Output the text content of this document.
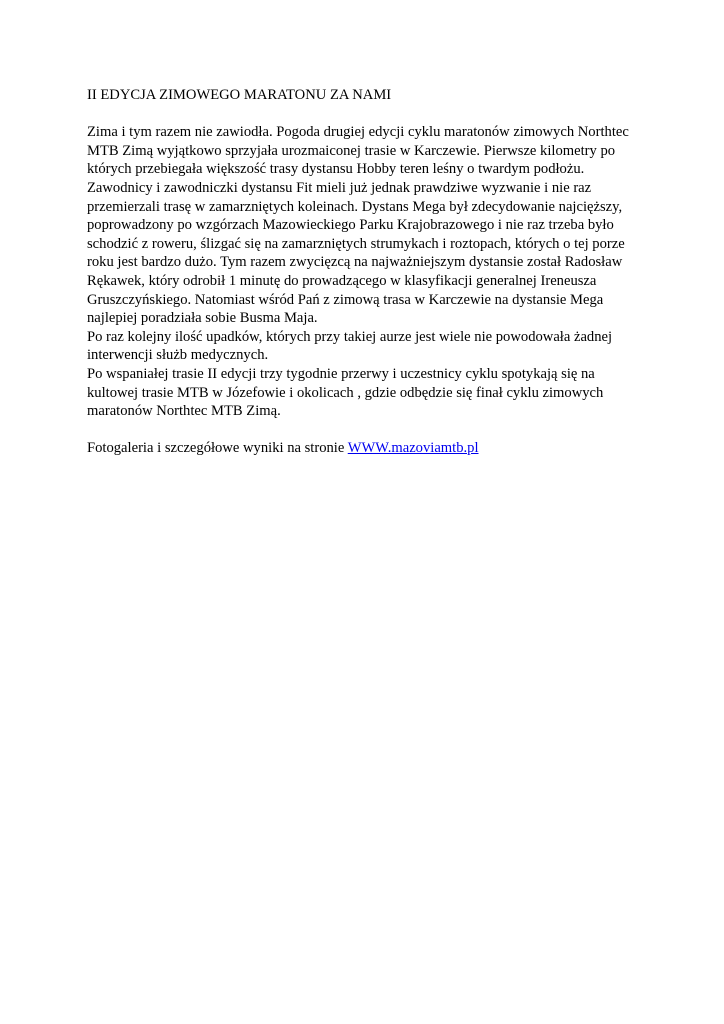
II EDYCJA ZIMOWEGO MARATONU ZA NAMI
Zima i tym razem nie zawiodła. Pogoda drugiej edycji cyklu maratonów zimowych Northtec
MTB Zimą wyjątkowo sprzyjała urozmaiconej trasie w Karczewie. Pierwsze kilometry po
których przebiegała większość trasy dystansu Hobby teren leśny o twardym podłożu.
Zawodnicy i zawodniczki dystansu Fit mieli już jednak prawdziwe wyzwanie i nie raz
przemierzali trasę w zamarzniętych koleinach. Dystans Mega był zdecydowanie najcięższy,
poprowadzony po wzgórzach Mazowieckiego Parku Krajobrazowego i nie raz trzeba było
schodzić z roweru, ślizgać się na zamarzniętych strumykach i roztopach, których o tej porze
roku jest bardzo dużo. Tym razem zwycięzcą na najważniejszym dystansie został Radosław
Rękawek, który odrobił 1 minutę do prowadzącego w klasyfikacji generalnej Ireneusza
Gruszczyńskiego. Natomiast wśród Pań z zimową trasa w Karczewie na dystansie Mega
najlepiej poradziała sobie Busma Maja.
Po raz kolejny ilość upadków, których przy takiej aurze jest wiele nie powodowała żadnej
interwencji służb medycznych.
Po wspaniałej trasie II edycji trzy tygodnie przerwy i uczestnicy cyklu spotykają się na
kultowej trasie MTB w Józefowie i okolicach , gdzie odbędzie się finał cyklu zimowych
maratonów Northtec MTB Zimą.
Fotogaleria i szczegółowe wyniki na stronie WWW.mazoviamtb.pl
